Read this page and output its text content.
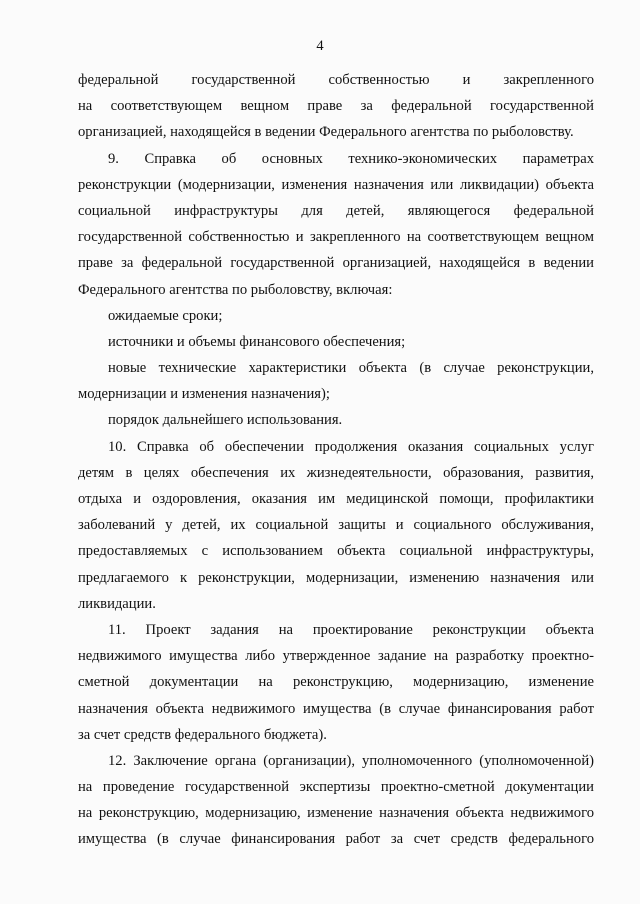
4
федеральной государственной собственностью и закрепленного
на соответствующем вещном праве за федеральной государственной
организацией, находящейся в ведении Федерального агентства по рыболовству.
9. Справка об основных технико-экономических параметрах
реконструкции (модернизации, изменения назначения или ликвидации) объекта
социальной инфраструктуры для детей, являющегося федеральной
государственной собственностью и закрепленного на соответствующем вещном
праве за федеральной государственной организацией, находящейся в ведении
Федерального агентства по рыболовству, включая:
ожидаемые сроки;
источники и объемы финансового обеспечения;
новые технические характеристики объекта (в случае реконструкции,
модернизации и изменения назначения);
порядок дальнейшего использования.
10. Справка об обеспечении продолжения оказания социальных услуг
детям в целях обеспечения их жизнедеятельности, образования, развития,
отдыха и оздоровления, оказания им медицинской помощи, профилактики
заболеваний у детей, их социальной защиты и социального обслуживания,
предоставляемых с использованием объекта социальной инфраструктуры,
предлагаемого к реконструкции, модернизации, изменению назначения или
ликвидации.
11. Проект задания на проектирование реконструкции объекта
недвижимого имущества либо утвержденное задание на разработку проектно-
сметной документации на реконструкцию, модернизацию, изменение
назначения объекта недвижимого имущества (в случае финансирования работ
за счет средств федерального бюджета).
12. Заключение органа (организации), уполномоченного (уполномоченной)
на проведение государственной экспертизы проектно-сметной документации
на реконструкцию, модернизацию, изменение назначения объекта недвижимого
имущества (в случае финансирования работ за счет средств федерального
